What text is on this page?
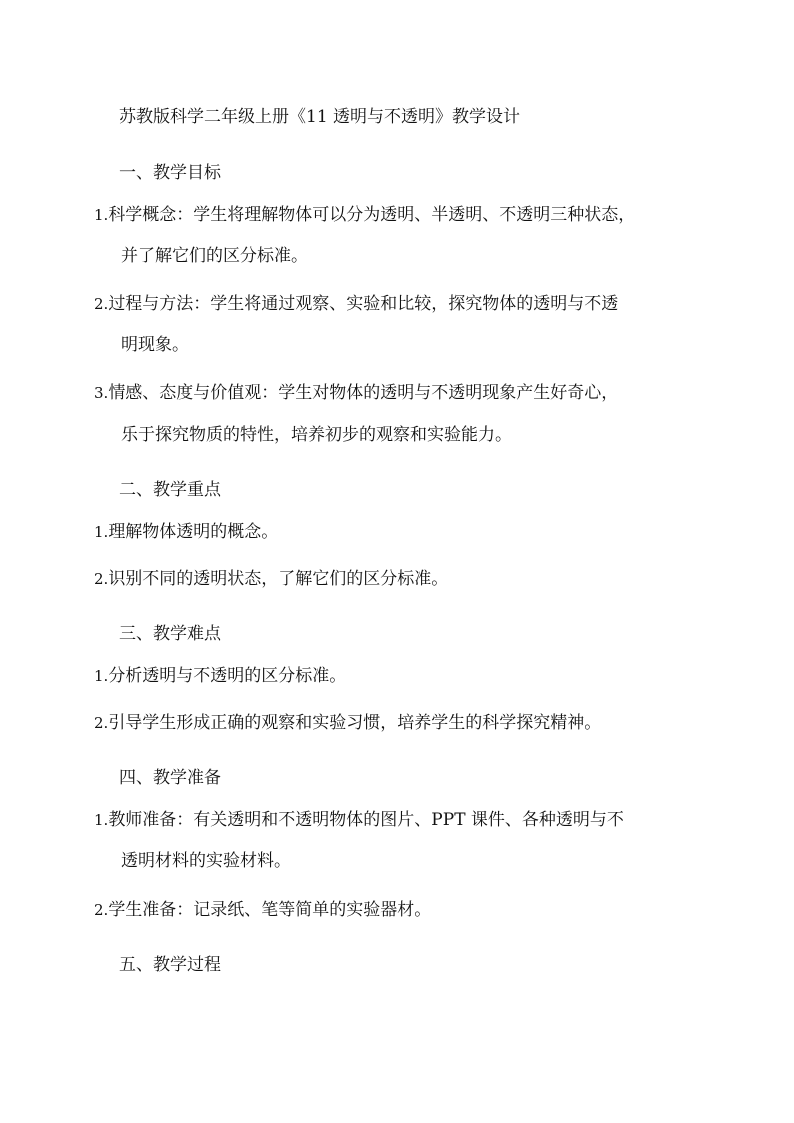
苏教版科学二年级上册《11 透明与不透明》教学设计
一、教学目标
1.科学概念：学生将理解物体可以分为透明、半透明、不透明三种状态，
并了解它们的区分标准。
2.过程与方法：学生将通过观察、实验和比较，探究物体的透明与不透
明现象。
3.情感、态度与价值观：学生对物体的透明与不透明现象产生好奇心，
乐于探究物质的特性，培养初步的观察和实验能力。
二、教学重点
1.理解物体透明的概念。
2.识别不同的透明状态，了解它们的区分标准。
三、教学难点
1.分析透明与不透明的区分标准。
2.引导学生形成正确的观察和实验习惯，培养学生的科学探究精神。
四、教学准备
1.教师准备：有关透明和不透明物体的图片、PPT 课件、各种透明与不
透明材料的实验材料。
2.学生准备：记录纸、笔等简单的实验器材。
五、教学过程
